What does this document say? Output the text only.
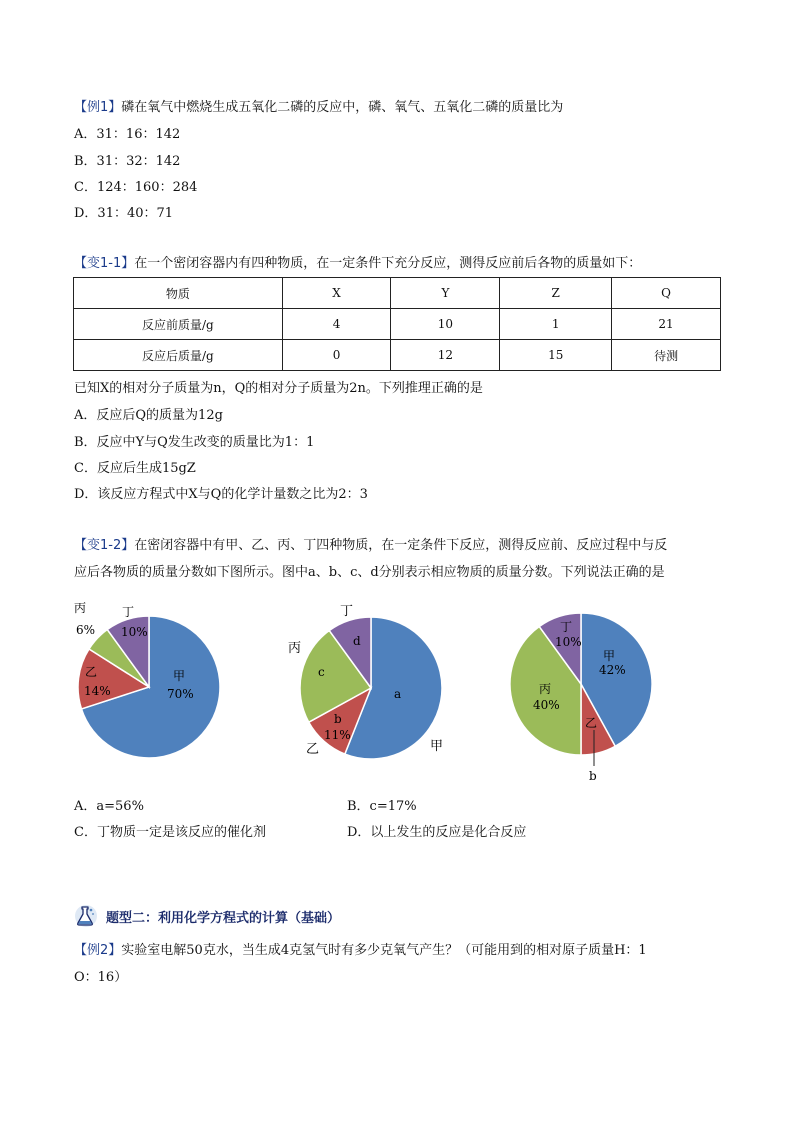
【例1】磷在氧气中燃烧生成五氧化二磷的反应中，磷、氧气、五氧化二磷的质量比为
A．31：16：142
B．31：32：142
C．124：160：284
D．31：40：71
【变1-1】在一个密闭容器内有四种物质，在一定条件下充分反应，测得反应前后各物的质量如下：
物质	X	Y	Z	Q
反应前质量/g	4	10	1	21
反应后质量/g	0	12	15	待测
已知X的相对分子质量为n，Q的相对分子质量为2n。下列推理正确的是
A．反应后Q的质量为12g
B．反应中Y与Q发生改变的质量比为1：1
C．反应后生成15gZ
D．该反应方程式中X与Q的化学计量数之比为2：3
【变1-2】在密闭容器中有甲、乙、丙、丁四种物质，在一定条件下反应，测得反应前、反应过程中与反
应后各物质的质量分数如下图所示。图中a、b、c、d分别表示相应物质的质量分数。下列说法正确的是
丙
6%
丁
10%
乙
14%
甲
70%
丁
丙	d
c
a
b
11%
乙	甲
丁
10%
甲
42%
丙
40%
乙
b
A．a=56%	B．c=17%
C．丁物质一定是该反应的催化剂	D．以上发生的反应是化合反应
题型二：利用化学方程式的计算（基础）
【例2】实验室电解50克水，当生成4克氢气时有多少克氧气产生？（可能用到的相对原子质量H：1
O：16）
